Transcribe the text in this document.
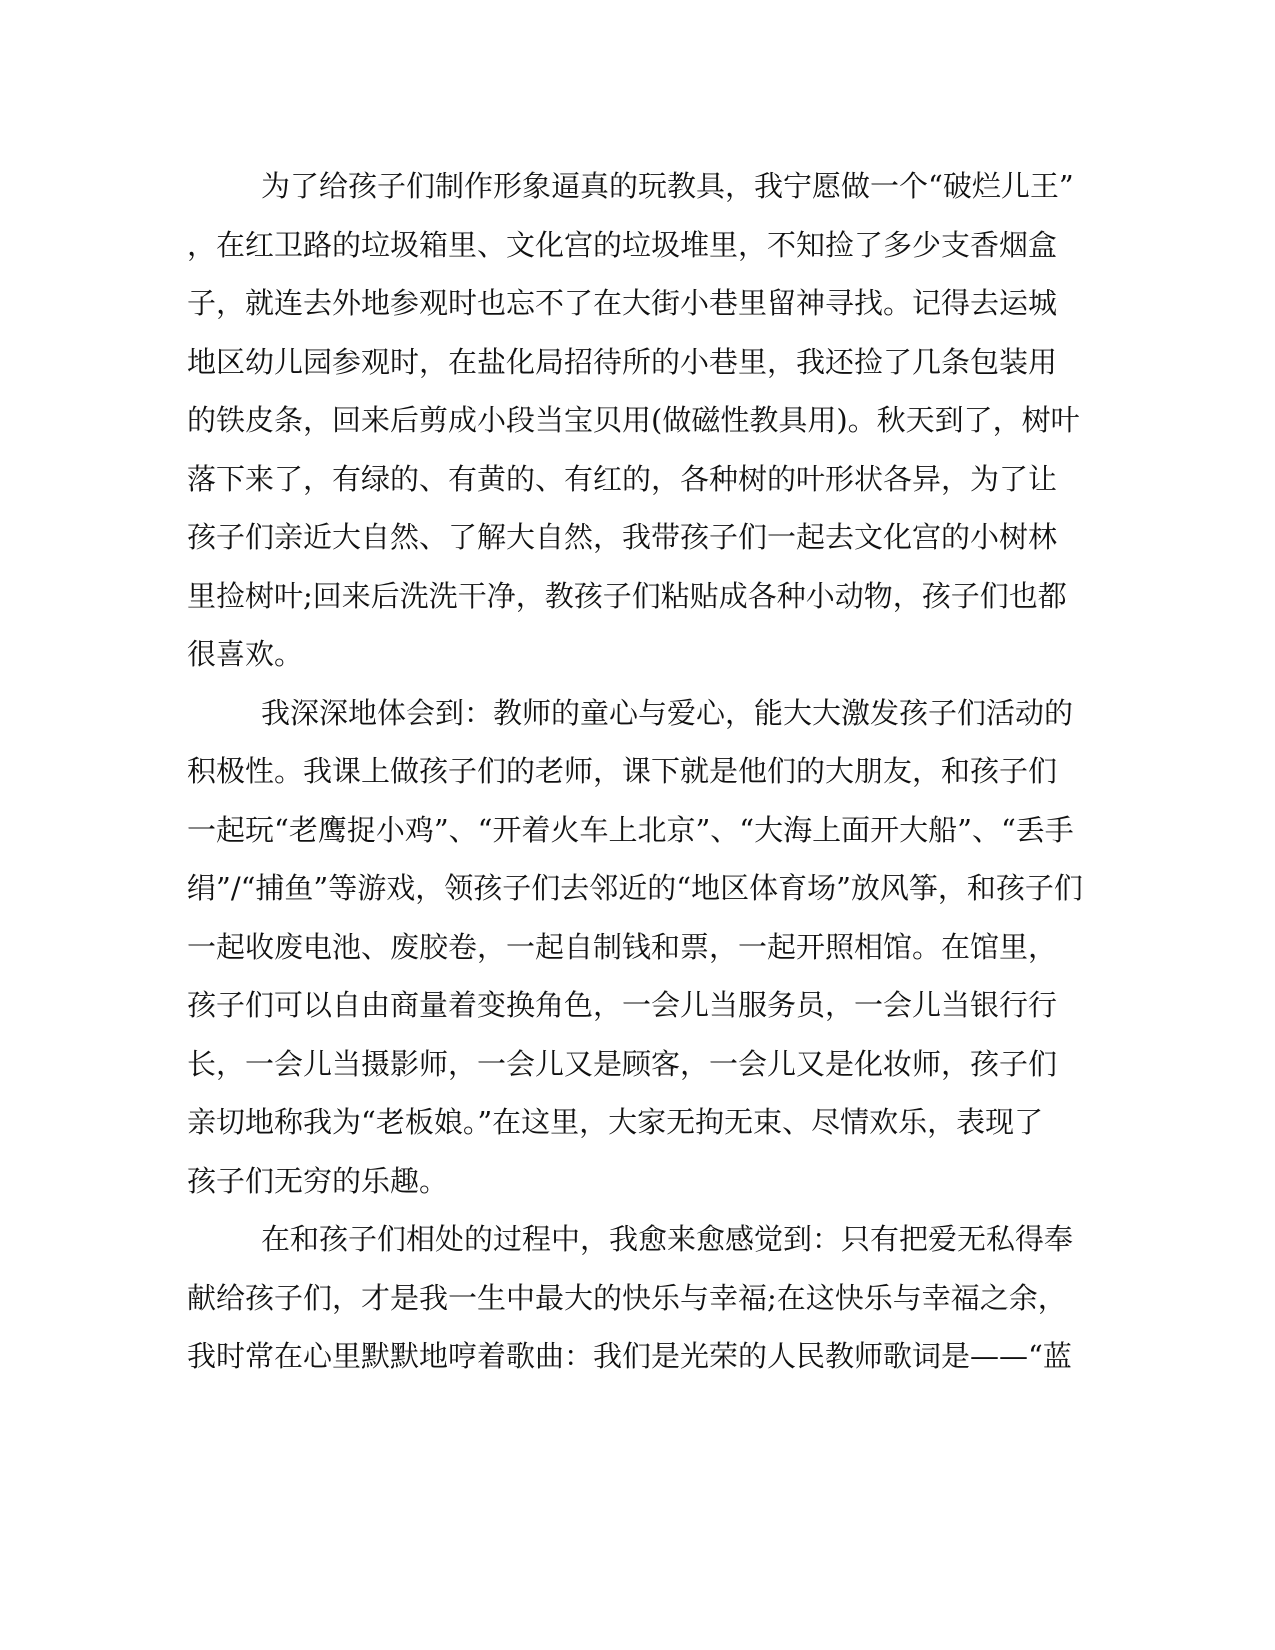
为了给孩子们制作形象逼真的玩教具，我宁愿做一个“破烂儿王”
，在红卫路的垃圾箱里、文化宫的垃圾堆里，不知捡了多少支香烟盒
子，就连去外地参观时也忘不了在大街小巷里留神寻找。记得去运城
地区幼儿园参观时，在盐化局招待所的小巷里，我还捡了几条包装用
的铁皮条，回来后剪成小段当宝贝用(做磁性教具用)。秋天到了，树叶
落下来了，有绿的、有黄的、有红的，各种树的叶形状各异，为了让
孩子们亲近大自然、了解大自然，我带孩子们一起去文化宫的小树林
里捡树叶;回来后洗洗干净，教孩子们粘贴成各种小动物，孩子们也都
很喜欢。
我深深地体会到：教师的童心与爱心，能大大激发孩子们活动的
积极性。我课上做孩子们的老师，课下就是他们的大朋友，和孩子们
一起玩“老鹰捉小鸡”、“开着火车上北京”、“大海上面开大船”、“丢手
绢”/“捕鱼”等游戏，领孩子们去邻近的“地区体育场”放风筝，和孩子们
一起收废电池、废胶卷，一起自制钱和票，一起开照相馆。在馆里，
孩子们可以自由商量着变换角色，一会儿当服务员，一会儿当银行行
长，一会儿当摄影师，一会儿又是顾客，一会儿又是化妆师，孩子们
亲切地称我为“老板娘。”在这里，大家无拘无束、尽情欢乐，表现了
孩子们无穷的乐趣。
在和孩子们相处的过程中，我愈来愈感觉到：只有把爱无私得奉
献给孩子们，才是我一生中最大的快乐与幸福;在这快乐与幸福之余，
我时常在心里默默地哼着歌曲：我们是光荣的人民教师歌词是——“蓝
